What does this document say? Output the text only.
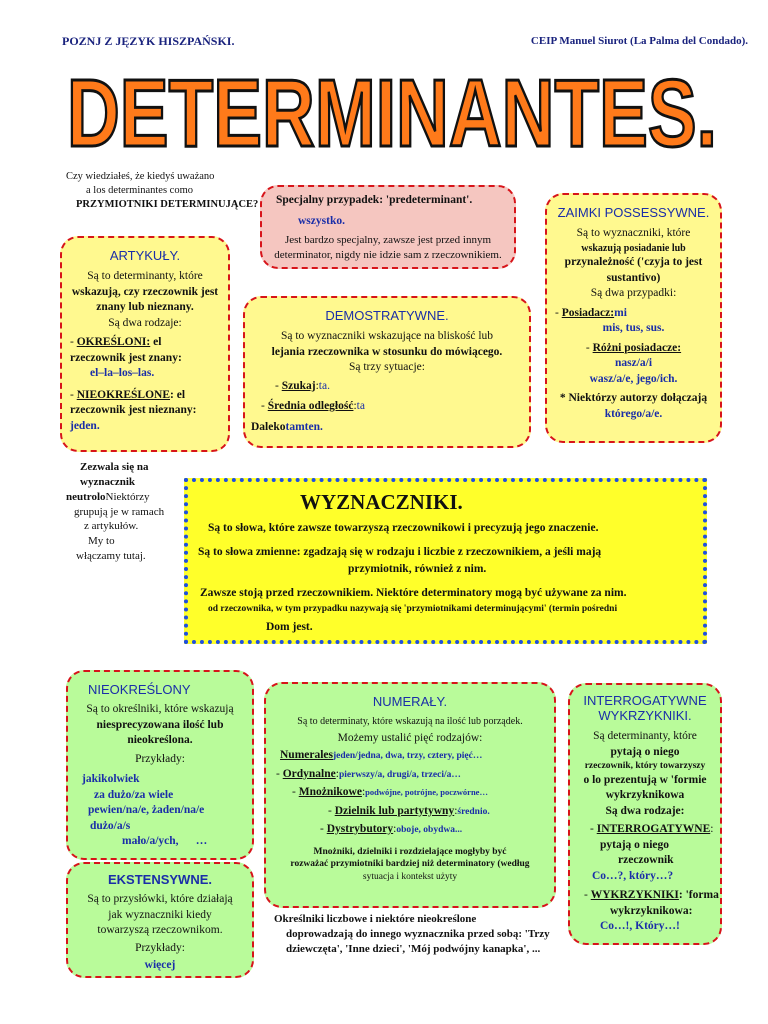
POZNJ Z JĘZYK HISZPAŃSKI.	CEIP Manuel Siurot (La Palma del Condado).
DETERMINANTES.
Czy wiedziałeś, że kiedyś uważano
a los determinantes como
PRZYMIOTNIKI DETERMINUJĄCE?	Specjalny przypadek: 'predeterminant'.
wszystko.
Jest bardzo specjalny, zawsze jest przed innym
determinator, nigdy nie idzie sam z rzeczownikiem.
ARTYKUŁY.
Są to determinanty, które
wskazują, czy rzeczownik jest
znany lub nieznany.
Są dwa rodzaje:
- OKREŚLONI: el
rzeczownik jest znany:
el–la–los–las.
- NIEOKREŚLONE: el
rzeczownik jest nieznany:
jeden.
DEMOSTRATYWNE.
Są to wyznaczniki wskazujące na bliskość lub
lejania rzeczownika w stosunku do mówiącego.
Są trzy sytuacje:
- Szukaj:ta.
- Średnia odległość:ta
Dalekotamten.
ZAIMKI POSSESSYWNE.
Są to wyznaczniki, które
wskazują posiadanie lub
przynależność ('czyja to jest
sustantivo)
Są dwa przypadki:
- Posiadacz:mi
mis, tus, sus.
- Różni posiadacze:
nasz/a/i
wasz/a/e, jego/ich.
* Niektórzy autorzy dołączają
którego/a/e.
Zezwala się na
wyznacznik
neutroloNiektórzy
grupują je w ramach
z artykułów.
My to
włączamy tutaj.
WYZNACZNIKI.
Są to słowa, które zawsze towarzyszą rzeczownikowi i precyzują jego znaczenie.
Są to słowa zmienne: zgadzają się w rodzaju i liczbie z rzeczownikiem, a jeśli mają
przymiotnik, również z nim.
Zawsze stoją przed rzeczownikiem. Niektóre determinatory mogą być używane za nim.
od rzeczownika, w tym przypadku nazywają się 'przymiotnikami determinującymi' (termin pośredni
Dom jest.
NIEOKREŚLONY
Są to określniki, które wskazują
niesprecyzowana ilość lub
nieokreślona.
Przykłady:
jakikolwiek
za dużo/za wiele
pewien/na/e, żaden/na/e
dużo/a/s
mało/a/ych, …
EKSTENSYWNE.
Są to przysłówki, które działają
jak wyznaczniki kiedy
towarzyszą rzeczownikom.
Przykłady:
więcej
NUMERAŁY.
Są to determinaty, które wskazują na ilość lub porządek.
Możemy ustalić pięć rodzajów:
Numeralesjeden/jedna, dwa, trzy, cztery, pięć…
- Ordynalne:pierwszy/a, drugi/a, trzeci/a…
- Mnożnikowe:podwójne, potrójne, poczwórne…
- Dzielnik lub partytywny:średnio.
- Dystrybutory:oboje, obydwa...
Mnożniki, dzielniki i rozdzielające mogłyby być
rozważać przymiotniki bardziej niż determinatory (według
sytuacja i kontekst użyty
INTERROGATYWNE
WYKRZYKNIKI.
Są determinanty, które
pytają o niego
rzeczownik, który towarzyszy
o lo prezentują w 'formie
wykrzyknikowa
Są dwa rodzaje:
- INTERROGATYWNE:
pytają o niego
rzeczownik
Co…?, który…?
- WYKRZYKNIKI: 'forma
wykrzyknikowa:
Co…!, Który…!
Określniki liczbowe i niektóre nieokreślone
doprowadzają do innego wyznacznika przed sobą: 'Trzy
dziewczęta', 'Inne dzieci', 'Mój podwójny kanapka', ...
